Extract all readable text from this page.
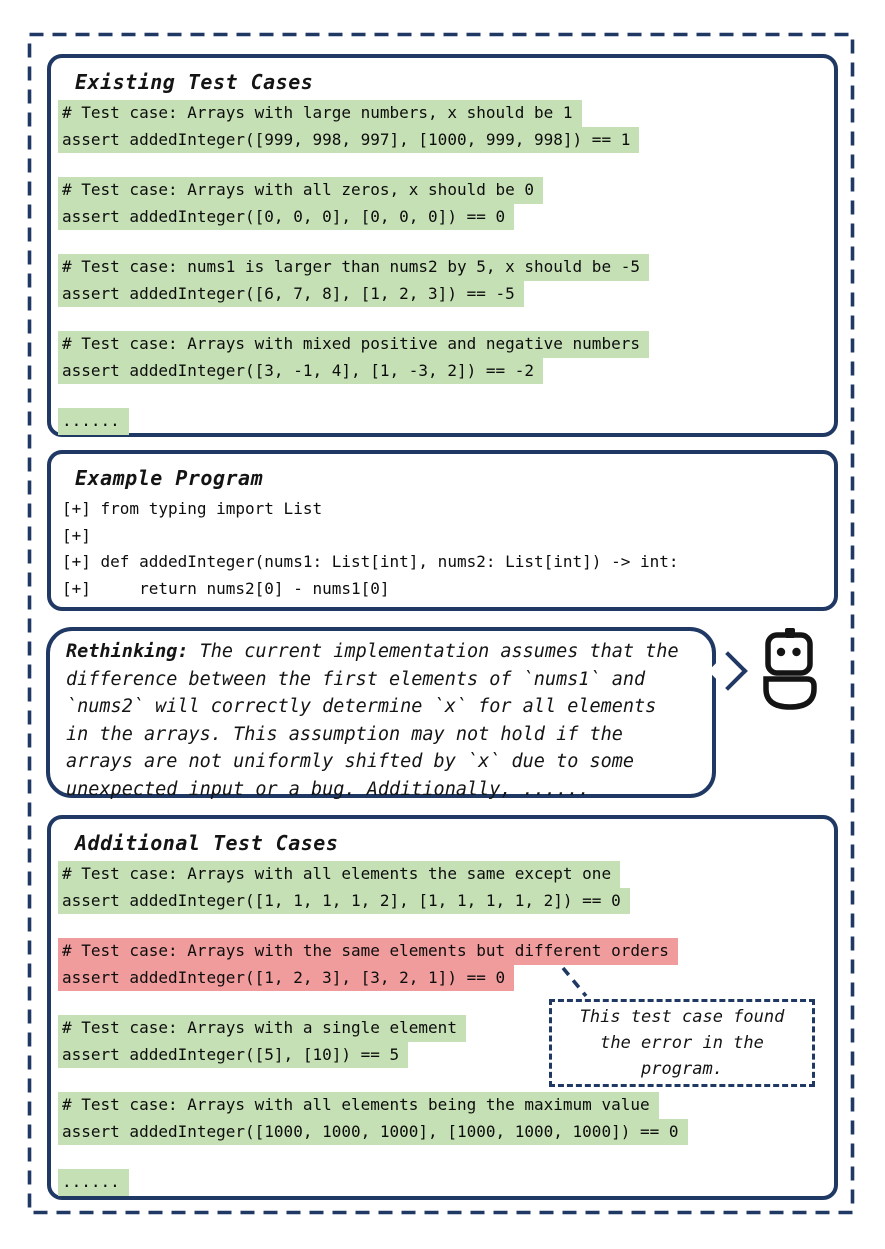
Existing Test Cases
# Test case: Arrays with large numbers, x should be 1
assert addedInteger([999, 998, 997], [1000, 999, 998]) == 1
# Test case: Arrays with all zeros, x should be 0
assert addedInteger([0, 0, 0], [0, 0, 0]) == 0
# Test case: nums1 is larger than nums2 by 5, x should be -5
assert addedInteger([6, 7, 8], [1, 2, 3]) == -5
# Test case: Arrays with mixed positive and negative numbers
assert addedInteger([3, -1, 4], [1, -3, 2]) == -2
......
Example Program
[+] from typing import List
[+]
[+] def addedInteger(nums1: List[int], nums2: List[int]) -> int:
[+]     return nums2[0] - nums1[0]
Rethinking: The current implementation assumes that the
difference between the first elements of `nums1` and
`nums2` will correctly determine `x` for all elements
in the arrays. This assumption may not hold if the
arrays are not uniformly shifted by `x` due to some
unexpected input or a bug. Additionally, ......
Additional Test Cases
# Test case: Arrays with all elements the same except one
assert addedInteger([1, 1, 1, 1, 2], [1, 1, 1, 1, 2]) == 0
# Test case: Arrays with the same elements but different orders
assert addedInteger([1, 2, 3], [3, 2, 1]) == 0
# Test case: Arrays with a single element
assert addedInteger([5], [10]) == 5
# Test case: Arrays with all elements being the maximum value
assert addedInteger([1000, 1000, 1000], [1000, 1000, 1000]) == 0
......
This test case found the error in the program.
